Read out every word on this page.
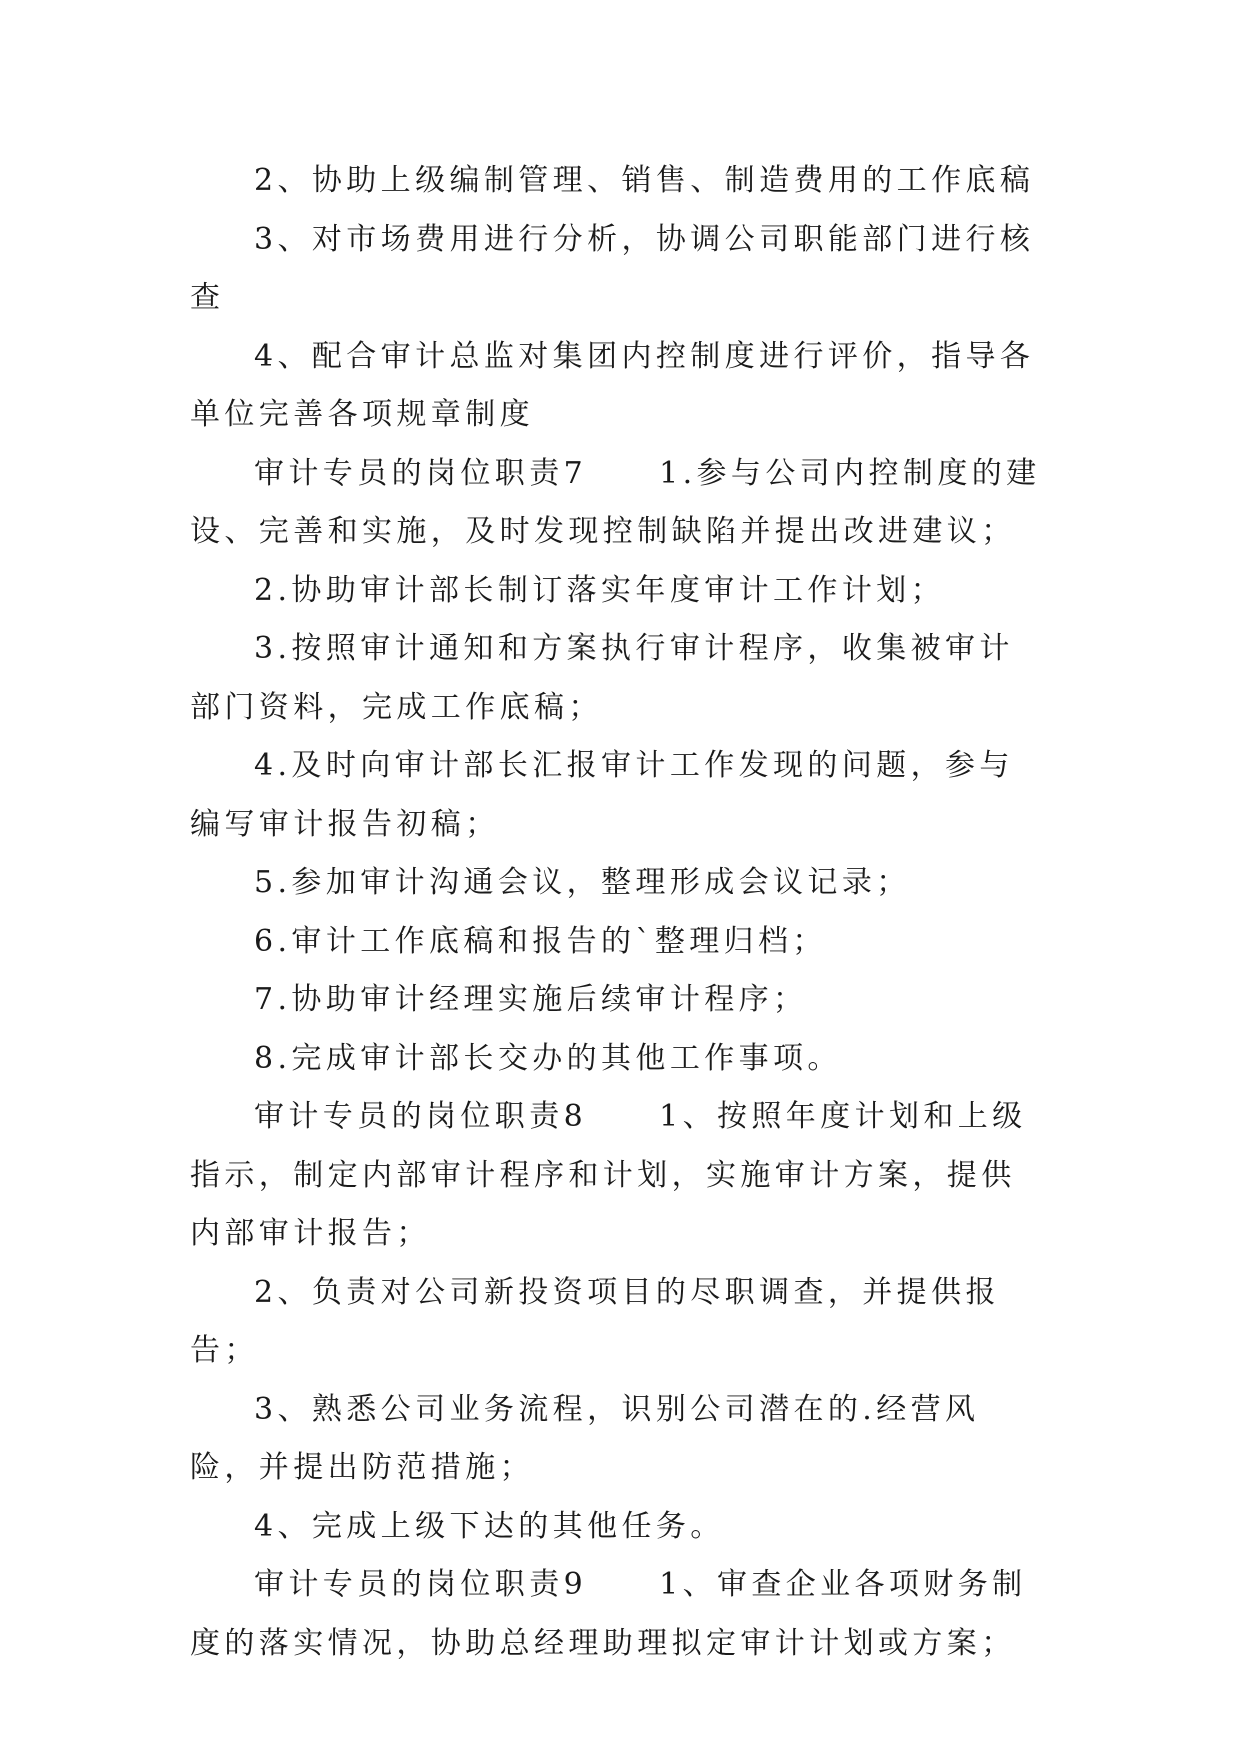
2、协助上级编制管理、销售、制造费用的工作底稿

3、对市场费用进行分析，协调公司职能部门进行核查

4、配合审计总监对集团内控制度进行评价，指导各单位完善各项规章制度

审计专员的岗位职责7 1.参与公司内控制度的建设、完善和实施，及时发现控制缺陷并提出改进建议；

2.协助审计部长制订落实年度审计工作计划；

3.按照审计通知和方案执行审计程序，收集被审计部门资料，完成工作底稿；

4.及时向审计部长汇报审计工作发现的问题，参与编写审计报告初稿；

5.参加审计沟通会议，整理形成会议记录；

6.审计工作底稿和报告的`整理归档；

7.协助审计经理实施后续审计程序；

8.完成审计部长交办的其他工作事项。

审计专员的岗位职责8 1、按照年度计划和上级指示，制定内部审计程序和计划，实施审计方案，提供内部审计报告；

2、负责对公司新投资项目的尽职调查，并提供报告；

3、熟悉公司业务流程，识别公司潜在的.经营风险，并提出防范措施；

4、完成上级下达的其他任务。

审计专员的岗位职责9 1、审查企业各项财务制度的落实情况，协助总经理助理拟定审计计划或方案；
